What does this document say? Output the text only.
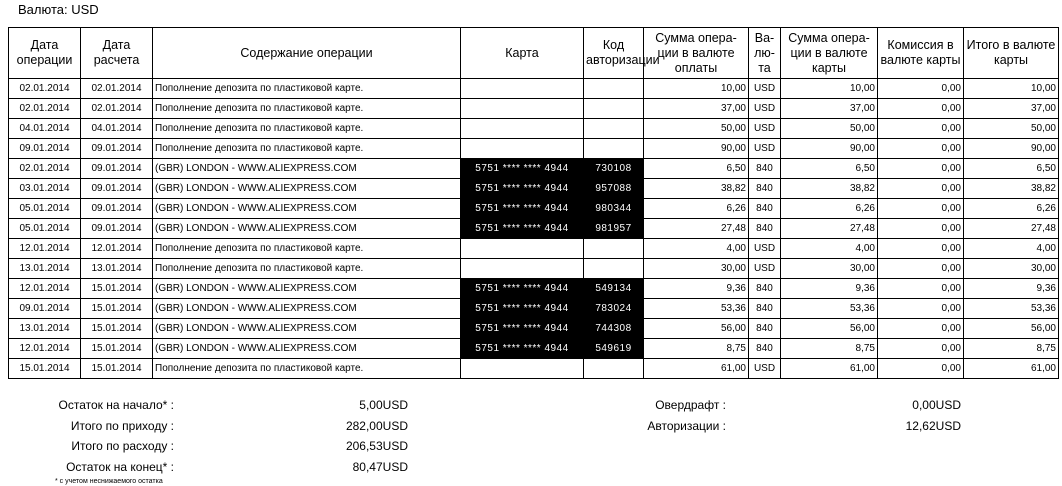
Валюта: USD
Дата операции	Дата расчета	Содержание операции	Карта	Код авторизации	Сумма опера-ции в валюте оплаты	Ва-лю-та	Сумма опера-ции в валюте карты	Комиссия в валюте карты	Итого в валюте карты
02.01.2014	02.01.2014	Пополнение депозита по пластиковой карте.			10,00	USD	10,00	0,00	10,00
02.01.2014	02.01.2014	Пополнение депозита по пластиковой карте.			37,00	USD	37,00	0,00	37,00
04.01.2014	04.01.2014	Пополнение депозита по пластиковой карте.			50,00	USD	50,00	0,00	50,00
09.01.2014	09.01.2014	Пополнение депозита по пластиковой карте.			90,00	USD	90,00	0,00	90,00
02.01.2014	09.01.2014	(GBR) LONDON - WWW.ALIEXPRESS.COM	5751 **** **** 4944	730108	6,50	840	6,50	0,00	6,50
03.01.2014	09.01.2014	(GBR) LONDON - WWW.ALIEXPRESS.COM	5751 **** **** 4944	957088	38,82	840	38,82	0,00	38,82
05.01.2014	09.01.2014	(GBR) LONDON - WWW.ALIEXPRESS.COM	5751 **** **** 4944	980344	6,26	840	6,26	0,00	6,26
05.01.2014	09.01.2014	(GBR) LONDON - WWW.ALIEXPRESS.COM	5751 **** **** 4944	981957	27,48	840	27,48	0,00	27,48
12.01.2014	12.01.2014	Пополнение депозита по пластиковой карте.			4,00	USD	4,00	0,00	4,00
13.01.2014	13.01.2014	Пополнение депозита по пластиковой карте.			30,00	USD	30,00	0,00	30,00
12.01.2014	15.01.2014	(GBR) LONDON - WWW.ALIEXPRESS.COM	5751 **** **** 4944	549134	9,36	840	9,36	0,00	9,36
09.01.2014	15.01.2014	(GBR) LONDON - WWW.ALIEXPRESS.COM	5751 **** **** 4944	783024	53,36	840	53,36	0,00	53,36
13.01.2014	15.01.2014	(GBR) LONDON - WWW.ALIEXPRESS.COM	5751 **** **** 4944	744308	56,00	840	56,00	0,00	56,00
12.01.2014	15.01.2014	(GBR) LONDON - WWW.ALIEXPRESS.COM	5751 **** **** 4944	549619	8,75	840	8,75	0,00	8,75
15.01.2014	15.01.2014	Пополнение депозита по пластиковой карте.			61,00	USD	61,00	0,00	61,00
Остаток на начало* :	5,00USD
Итого по приходу :	282,00USD
Итого по расходу :	206,53USD
Остаток на конец* :	80,47USD
Овердрафт :	0,00USD
Авторизации :	12,62USD
* с учетом неснижаемого остатка
